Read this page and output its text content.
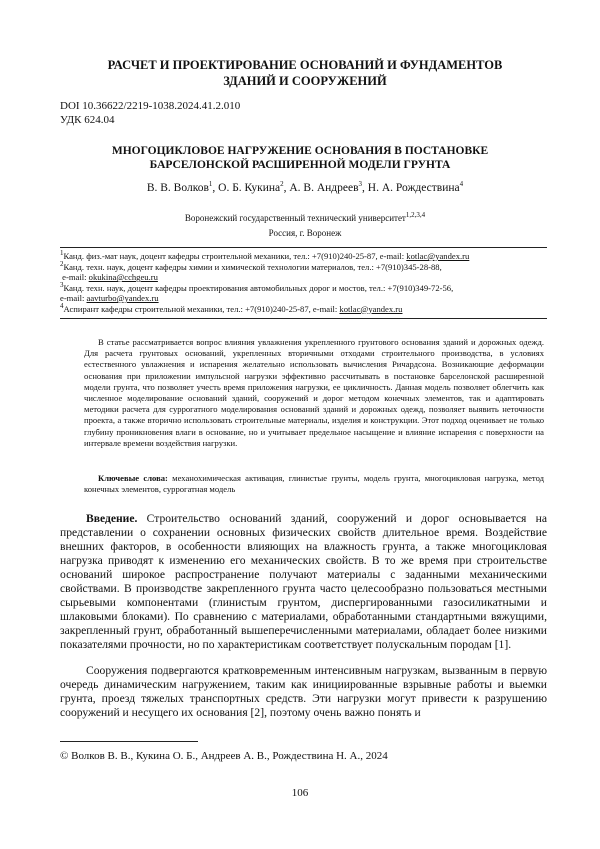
РАСЧЕТ И ПРОЕКТИРОВАНИЕ ОСНОВАНИЙ И ФУНДАМЕНТОВ
ЗДАНИЙ И СООРУЖЕНИЙ
DOI 10.36622/2219-1038.2024.41.2.010
УДК 624.04
МНОГОЦИКЛОВОЕ НАГРУЖЕНИЕ ОСНОВАНИЯ В ПОСТАНОВКЕ
БАРСЕЛОНСКОЙ РАСШИРЕННОЙ МОДЕЛИ ГРУНТА
В. В. Волков$^1$, О. Б. Кукина$^2$, А. В. Андреев$^3$, Н. А. Рождествина$^4$
Воронежский государственный технический университет$^{1,2,3,4}$
Россия, г. Воронеж
$^1$Канд. физ.-мат наук, доцент кафедры строительной механики, тел.: +7(910)240-25-87, e-mail: kotlac@yandex.ru
$^2$Канд. техн. наук, доцент кафедры химии и химической технологии материалов, тел.: +7(910)345-28-88,
e-mail: okukina@cchgeu.ru
$^3$Канд. техн. наук, доцент кафедры проектирования автомобильных дорог и мостов, тел.: +7(910)349-72-56,
e-mail: aavturbo@yandex.ru
$^4$Аспирант кафедры строительной механики, тел.: +7(910)240-25-87, e-mail: kotlac@yandex.ru
В статье рассматривается вопрос влияния увлажнения укрепленного грунтового основания зданий и дорожных одежд. Для расчета грунтовых оснований, укрепленных вторичными отходами строительного производства, в условиях естественного увлажнения и испарения желательно использовать вычисления Ричардсона. Возникающие деформации основания при приложении импульсной нагрузки эффективно рассчитывать в постановке барселонской расширенной модели грунта, что позволяет учесть время приложения нагрузки, ее цикличность. Данная модель позволяет облегчить как численное моделирование оснований зданий, сооружений и дорог методом конечных элементов, так и адаптировать методики расчета для суррогатного моделирования оснований зданий и дорожных одежд, позволяет выявить неточности проекта, а также вторично использовать строительные материалы, изделия и конструкции. Этот подход оценивает не только глубину проникновения влаги в основание, но и учитывает предельное насыщение и влияние испарения с поверхности на интервале времени воздействия нагрузки.
Ключевые слова: механохимическая активация, глинистые грунты, модель грунта, многоцикловая нагрузка, метод конечных элементов, суррогатная модель
Введение. Строительство оснований зданий, сооружений и дорог основывается на представлении о сохранении основных физических свойств длительное время. Воздействие внешних факторов, в особенности влияющих на влажность грунта, а также многоцикловая нагрузка приводят к изменению его механических свойств. В то же время при строительстве оснований широкое распространение получают материалы с заданными механическими свойствами. В производстве закрепленного грунта часто целесообразно пользоваться местными сырьевыми компонентами (глинистым грунтом, диспергированными газосиликатными и шлаковыми блоками). По сравнению с материалами, обработанными стандартными вяжущими, закрепленный грунт, обработанный вышеперечисленными материалами, обладает более низкими показателями прочности, но по характеристикам соответствует полускальным породам [1].
Сооружения подвергаются кратковременным интенсивным нагрузкам, вызванным в первую очередь динамическим нагружением, таким как инициированные взрывные работы и выемки грунта, проезд тяжелых транспортных средств. Эти нагрузки могут привести к разрушению сооружений и несущего их основания [2], поэтому очень важно понять и
© Волков В. В., Кукина О. Б., Андреев А. В., Рождествина Н. А., 2024
106
